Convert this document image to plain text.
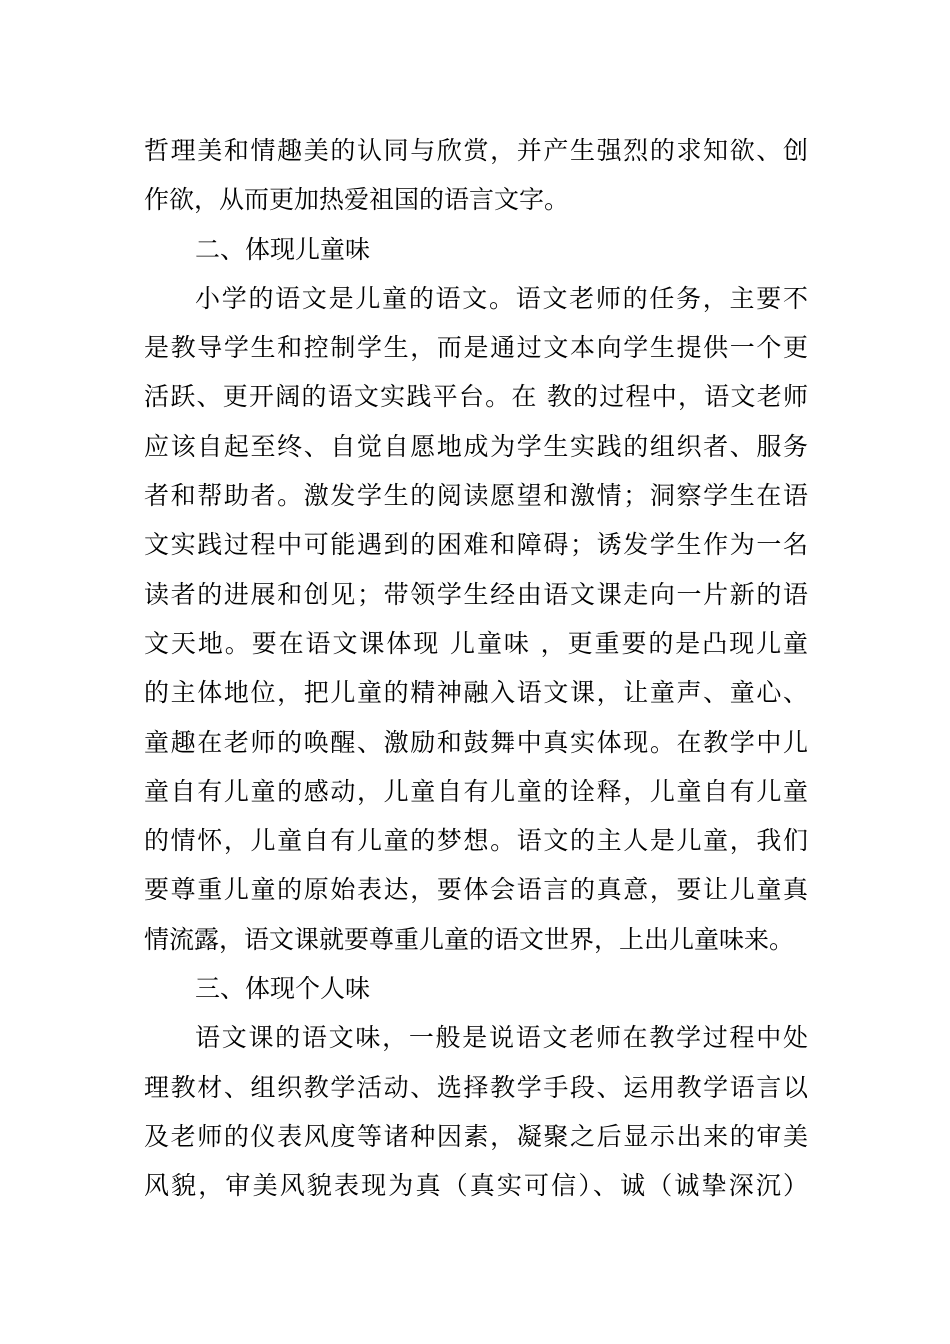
哲理美和情趣美的认同与欣赏，并产生强烈的求知欲、创
作欲，从而更加热爱祖国的语言文字。
二、体现儿童味
小学的语文是儿童的语文。语文老师的任务，主要不
是教导学生和控制学生，而是通过文本向学生提供一个更
活跃、更开阔的语文实践平台。在 教的过程中，语文老师
应该自起至终、自觉自愿地成为学生实践的组织者、服务
者和帮助者。激发学生的阅读愿望和激情；洞察学生在语
文实践过程中可能遇到的困难和障碍；诱发学生作为一名
读者的进展和创见；带领学生经由语文课走向一片新的语
文天地。要在语文课体现 儿童味 ，更重要的是凸现儿童
的主体地位，把儿童的精神融入语文课，让童声、童心、
童趣在老师的唤醒、激励和鼓舞中真实体现。在教学中儿
童自有儿童的感动，儿童自有儿童的诠释，儿童自有儿童
的情怀，儿童自有儿童的梦想。语文的主人是儿童，我们
要尊重儿童的原始表达，要体会语言的真意，要让儿童真
情流露，语文课就要尊重儿童的语文世界，上出儿童味来。
三、体现个人味
语文课的语文味，一般是说语文老师在教学过程中处
理教材、组织教学活动、选择教学手段、运用教学语言以
及老师的仪表风度等诸种因素，凝聚之后显示出来的审美
风貌，审美风貌表现为真（真实可信）、诚（诚挚深沉）
